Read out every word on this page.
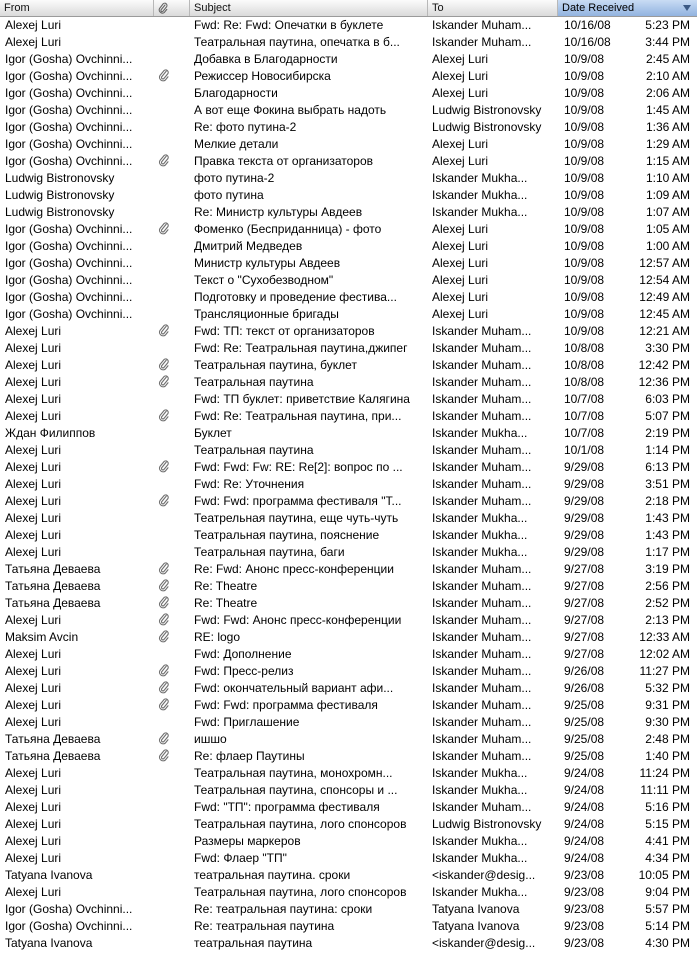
From	Subject	To	Date Received
Alexej Luri	Fwd: Re: Fwd: Опечатки в буклете	Iskander Muham...	10/16/08	5:23 PM
Alexej Luri	Театральная паутина, опечатка в б...	Iskander Muham...	10/16/08	3:44 PM
Igor (Gosha) Ovchinni...	Добавка в Благодарности	Alexej Luri	10/9/08	2:45 AM
Igor (Gosha) Ovchinni...	Режиссер Новосибирска	Alexej Luri	10/9/08	2:10 AM
Igor (Gosha) Ovchinni...	Благодарности	Alexej Luri	10/9/08	2:06 AM
Igor (Gosha) Ovchinni...	А вот еще Фокина выбрать надоть	Ludwig Bistronovsky	10/9/08	1:45 AM
Igor (Gosha) Ovchinni...	Re: фото путина-2	Ludwig Bistronovsky	10/9/08	1:36 AM
Igor (Gosha) Ovchinni...	Мелкие детали	Alexej Luri	10/9/08	1:29 AM
Igor (Gosha) Ovchinni...	Правка текста от организаторов	Alexej Luri	10/9/08	1:15 AM
Ludwig Bistronovsky	фото путина-2	Iskander Mukha...	10/9/08	1:10 AM
Ludwig Bistronovsky	фото путина	Iskander Mukha...	10/9/08	1:09 AM
Ludwig Bistronovsky	Re: Министр культуры Авдеев	Iskander Mukha...	10/9/08	1:07 AM
Igor (Gosha) Ovchinni...	Фоменко (Бесприданница) - фото	Alexej Luri	10/9/08	1:05 AM
Igor (Gosha) Ovchinni...	Дмитрий Медведев	Alexej Luri	10/9/08	1:00 AM
Igor (Gosha) Ovchinni...	Министр культуры Авдеев	Alexej Luri	10/9/08	12:57 AM
Igor (Gosha) Ovchinni...	Текст о "Сухобезводном"	Alexej Luri	10/9/08	12:54 AM
Igor (Gosha) Ovchinni...	Подготовку и проведение фестива...	Alexej Luri	10/9/08	12:49 AM
Igor (Gosha) Ovchinni...	Трансляционные бригады	Alexej Luri	10/9/08	12:45 AM
Alexej Luri	Fwd: ТП: текст от организаторов	Iskander Muham...	10/9/08	12:21 AM
Alexej Luri	Fwd: Re: Театральная паутина,джипег	Iskander Muham...	10/8/08	3:30 PM
Alexej Luri	Театральная паутина, буклет	Iskander Muham...	10/8/08	12:42 PM
Alexej Luri	Театральная паутина	Iskander Muham...	10/8/08	12:36 PM
Alexej Luri	Fwd: ТП буклет: приветствие Калягина	Iskander Muham...	10/7/08	6:03 PM
Alexej Luri	Fwd: Re: Театральная паутина, при...	Iskander Muham...	10/7/08	5:07 PM
Ждан Филиппов	Буклет	Iskander Mukha...	10/7/08	2:19 PM
Alexej Luri	Театральная паутина	Iskander Muham...	10/1/08	1:14 PM
Alexej Luri	Fwd: Fwd: Fw: RE: Re[2]: вопрос по ...	Iskander Muham...	9/29/08	6:13 PM
Alexej Luri	Fwd: Re: Уточнения	Iskander Muham...	9/29/08	3:51 PM
Alexej Luri	Fwd: Fwd: программа фестиваля "Т...	Iskander Muham...	9/29/08	2:18 PM
Alexej Luri	Театрельная паутина, еще чуть-чуть	Iskander Mukha...	9/29/08	1:43 PM
Alexej Luri	Театральная паутина, пояснение	Iskander Mukha...	9/29/08	1:43 PM
Alexej Luri	Театральная паутина, баги	Iskander Mukha...	9/29/08	1:17 PM
Татьяна Деваева	Re: Fwd: Анонс пресс-конференции	Iskander Muham...	9/27/08	3:19 PM
Татьяна Деваева	Re: Theatre	Iskander Muham...	9/27/08	2:56 PM
Татьяна Деваева	Re: Theatre	Iskander Muham...	9/27/08	2:52 PM
Alexej Luri	Fwd: Fwd: Анонс пресс-конференции	Iskander Muham...	9/27/08	2:13 PM
Maksim Avcin	RE: logo	Iskander Muham...	9/27/08	12:33 AM
Alexej Luri	Fwd: Дополнение	Iskander Muham...	9/27/08	12:02 AM
Alexej Luri	Fwd: Пресс-релиз	Iskander Muham...	9/26/08	11:27 PM
Alexej Luri	Fwd: окончательный вариант афи...	Iskander Muham...	9/26/08	5:32 PM
Alexej Luri	Fwd: Fwd: программа фестиваля	Iskander Muham...	9/25/08	9:31 PM
Alexej Luri	Fwd: Приглашение	Iskander Muham...	9/25/08	9:30 PM
Татьяна Деваева	ишшо	Iskander Muham...	9/25/08	2:48 PM
Татьяна Деваева	Re: флаер Паутины	Iskander Muham...	9/25/08	1:40 PM
Alexej Luri	Театральная паутина, монохромн...	Iskander Mukha...	9/24/08	11:24 PM
Alexej Luri	Театральная паутина, спонсоры и ...	Iskander Mukha...	9/24/08	11:11 PM
Alexej Luri	Fwd: "ТП": программа фестиваля	Iskander Muham...	9/24/08	5:16 PM
Alexej Luri	Театральная паутина, лого спонсоров	Ludwig Bistronovsky	9/24/08	5:15 PM
Alexej Luri	Размеры маркеров	Iskander Mukha...	9/24/08	4:41 PM
Alexej Luri	Fwd: Флаер "ТП"	Iskander Mukha...	9/24/08	4:34 PM
Tatyana Ivanova	театральная паутина. сроки	<iskander@desig...	9/23/08	10:05 PM
Alexej Luri	Театральная паутина, лого спонсоров	Iskander Mukha...	9/23/08	9:04 PM
Igor (Gosha) Ovchinni...	Re: театральная паутина: сроки	Tatyana Ivanova	9/23/08	5:57 PM
Igor (Gosha) Ovchinni...	Re: театральная паутина	Tatyana Ivanova	9/23/08	5:14 PM
Tatyana Ivanova	театральная паутина	<iskander@desig...	9/23/08	4:30 PM
